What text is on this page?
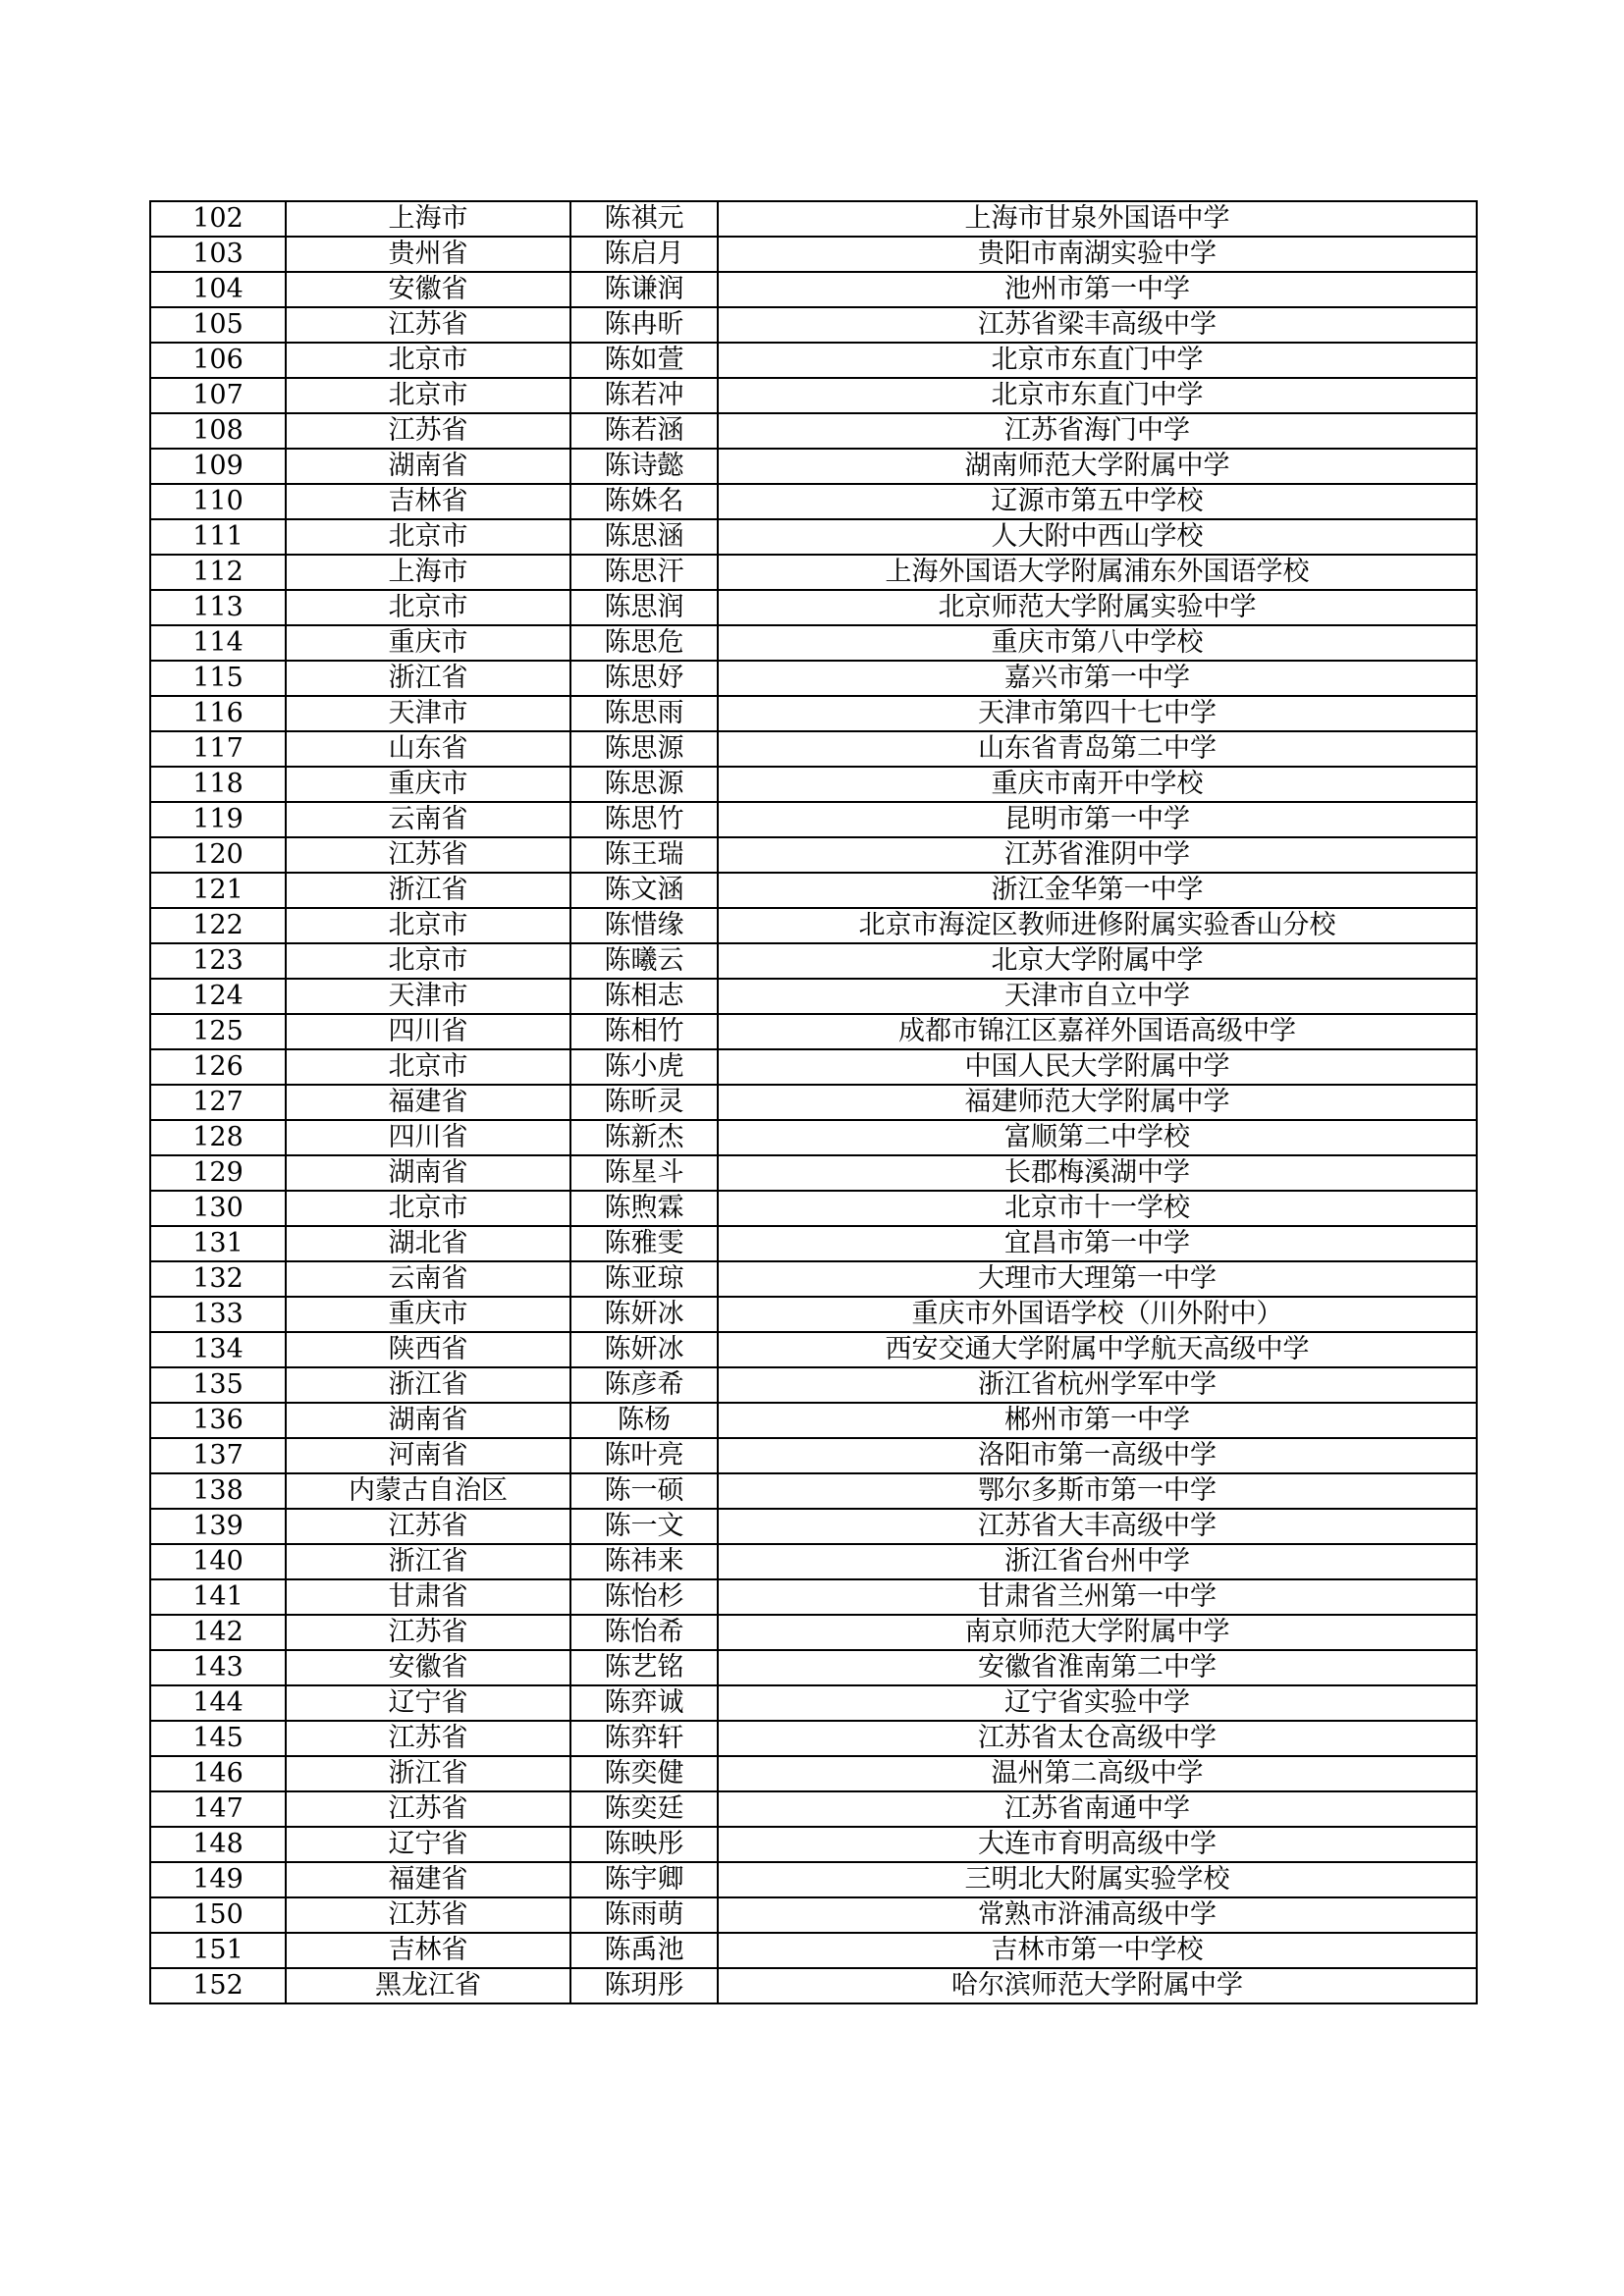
102	上海市	陈祺元	上海市甘泉外国语中学
103	贵州省	陈启月	贵阳市南湖实验中学
104	安徽省	陈谦润	池州市第一中学
105	江苏省	陈冉昕	江苏省梁丰高级中学
106	北京市	陈如萱	北京市东直门中学
107	北京市	陈若冲	北京市东直门中学
108	江苏省	陈若涵	江苏省海门中学
109	湖南省	陈诗懿	湖南师范大学附属中学
110	吉林省	陈姝名	辽源市第五中学校
111	北京市	陈思涵	人大附中西山学校
112	上海市	陈思汗	上海外国语大学附属浦东外国语学校
113	北京市	陈思润	北京师范大学附属实验中学
114	重庆市	陈思危	重庆市第八中学校
115	浙江省	陈思妤	嘉兴市第一中学
116	天津市	陈思雨	天津市第四十七中学
117	山东省	陈思源	山东省青岛第二中学
118	重庆市	陈思源	重庆市南开中学校
119	云南省	陈思竹	昆明市第一中学
120	江苏省	陈王瑞	江苏省淮阴中学
121	浙江省	陈文涵	浙江金华第一中学
122	北京市	陈惜缘	北京市海淀区教师进修附属实验香山分校
123	北京市	陈曦云	北京大学附属中学
124	天津市	陈相志	天津市自立中学
125	四川省	陈相竹	成都市锦江区嘉祥外国语高级中学
126	北京市	陈小虎	中国人民大学附属中学
127	福建省	陈昕灵	福建师范大学附属中学
128	四川省	陈新杰	富顺第二中学校
129	湖南省	陈星斗	长郡梅溪湖中学
130	北京市	陈煦霖	北京市十一学校
131	湖北省	陈雅雯	宜昌市第一中学
132	云南省	陈亚琼	大理市大理第一中学
133	重庆市	陈妍冰	重庆市外国语学校（川外附中）
134	陕西省	陈妍冰	西安交通大学附属中学航天高级中学
135	浙江省	陈彦希	浙江省杭州学军中学
136	湖南省	陈杨	郴州市第一中学
137	河南省	陈叶亮	洛阳市第一高级中学
138	内蒙古自治区	陈一硕	鄂尔多斯市第一中学
139	江苏省	陈一文	江苏省大丰高级中学
140	浙江省	陈祎来	浙江省台州中学
141	甘肃省	陈怡杉	甘肃省兰州第一中学
142	江苏省	陈怡希	南京师范大学附属中学
143	安徽省	陈艺铭	安徽省淮南第二中学
144	辽宁省	陈弈诚	辽宁省实验中学
145	江苏省	陈弈轩	江苏省太仓高级中学
146	浙江省	陈奕健	温州第二高级中学
147	江苏省	陈奕廷	江苏省南通中学
148	辽宁省	陈映彤	大连市育明高级中学
149	福建省	陈宇卿	三明北大附属实验学校
150	江苏省	陈雨萌	常熟市浒浦高级中学
151	吉林省	陈禹池	吉林市第一中学校
152	黑龙江省	陈玥彤	哈尔滨师范大学附属中学
